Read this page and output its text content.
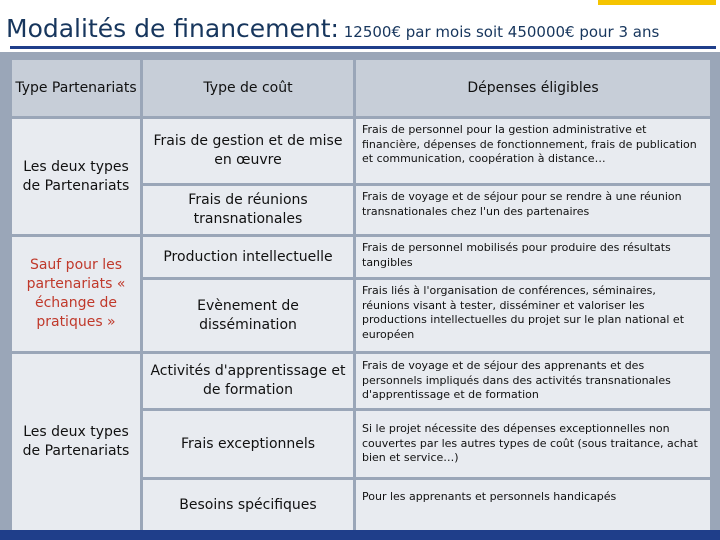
Modalités de financement: 12500€ par mois soit 450000€ pour 3 ans
Type Partenariats	Type de coût	Dépenses éligibles
Les deux types de Partenariats
Sauf pour les partenariats « échange de pratiques »
Les deux types de Partenariats
Frais de gestion et de mise en œuvre
Frais de personnel pour la gestion administrative et financière, dépenses de fonctionnement, frais de publication et communication, coopération à distance…
Frais de réunions transnationales
Frais de voyage et de séjour pour se rendre à une réunion transnationales chez l'un des partenaires
Production intellectuelle
Frais de personnel mobilisés pour produire des résultats tangibles
Evènement de dissémination
Frais liés à l'organisation de conférences, séminaires, réunions visant à tester, disséminer et valoriser les productions intellectuelles du projet sur le plan national et européen
Activités d'apprentissage et de formation
Frais de voyage et de séjour des apprenants et des personnels impliqués dans des activités transnationales d'apprentissage et de formation
Frais exceptionnels
Si le projet nécessite des dépenses exceptionnelles non couvertes par les autres types de coût (sous traitance, achat bien et service…)
Besoins spécifiques
Pour les apprenants et personnels handicapés
